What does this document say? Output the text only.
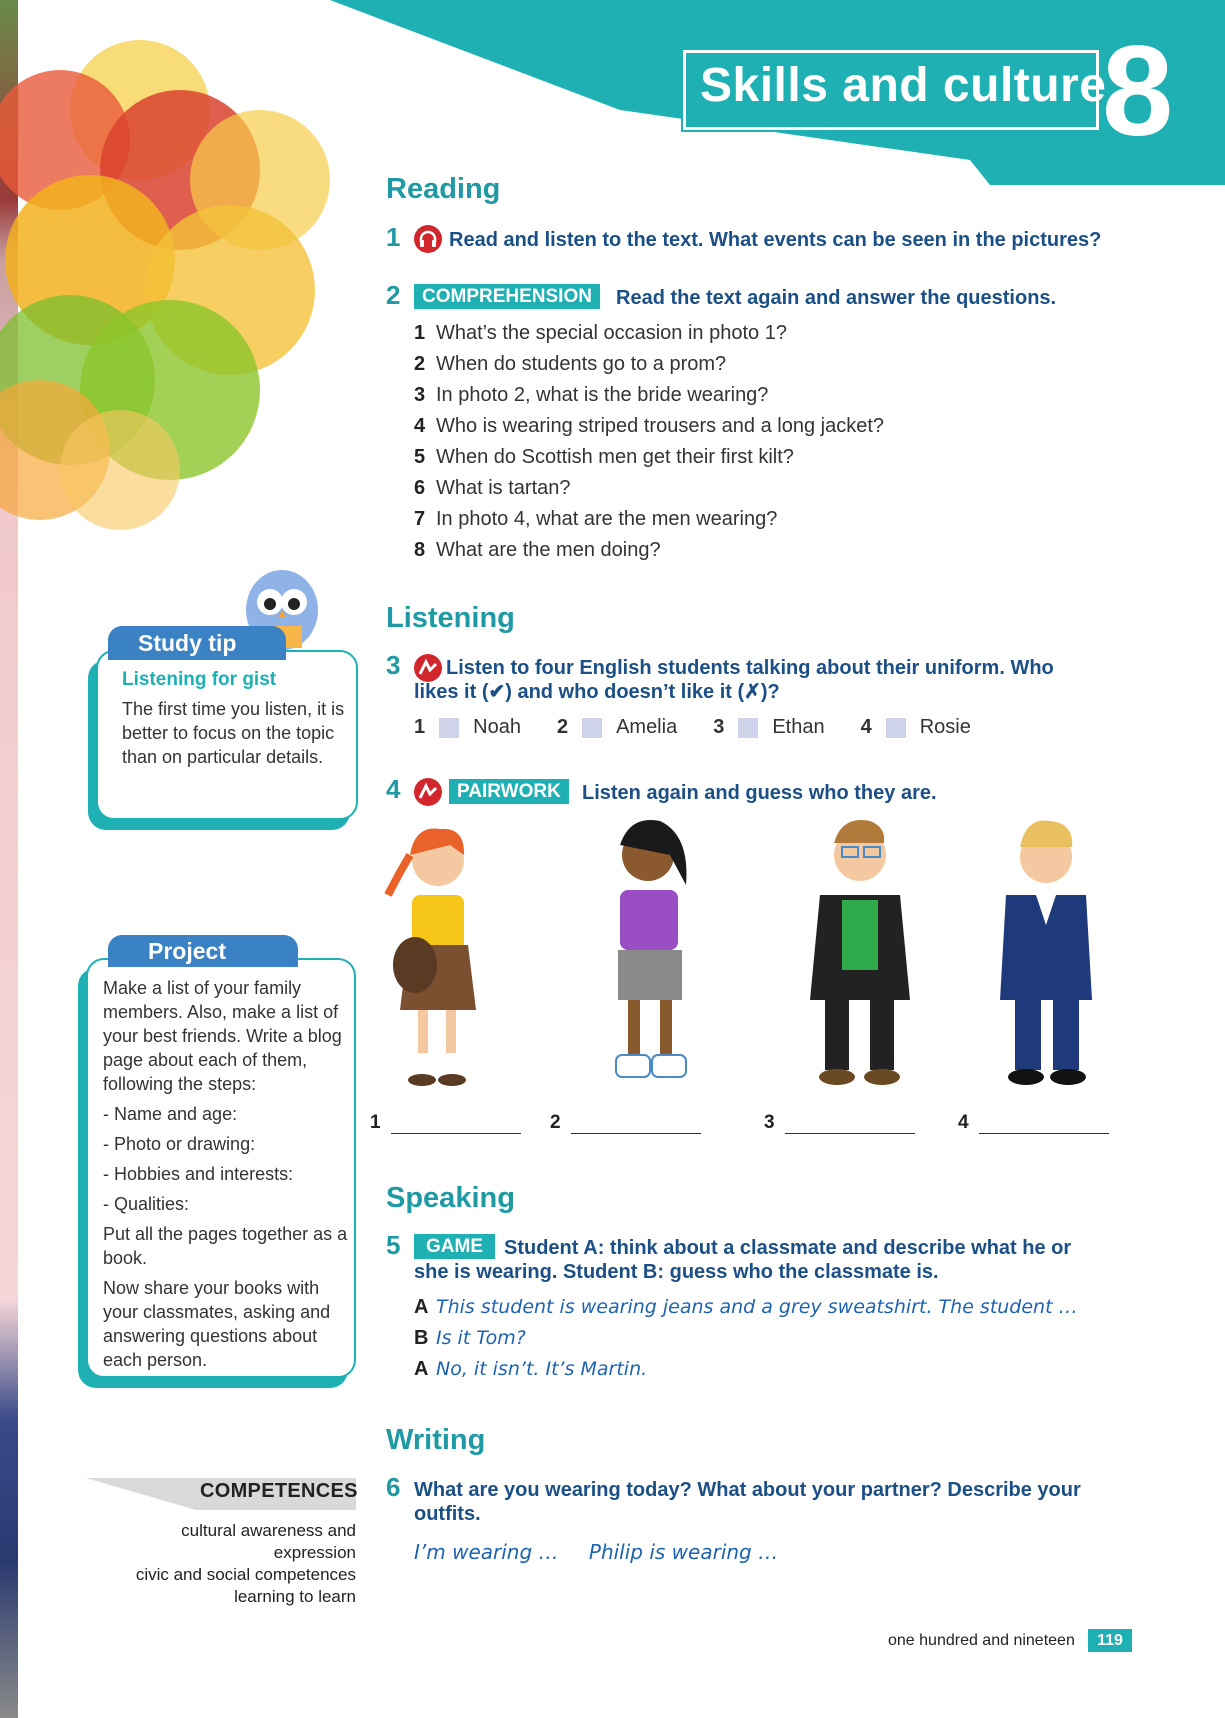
Skills and culture
8
Reading
1 Read and listen to the text. What events can be seen in the pictures?
2	COMPREHENSION	Read the text again and answer the questions.
1 What’s the special occasion in photo 1?
2 When do students go to a prom?
3 In photo 2, what is the bride wearing?
4 Who is wearing striped trousers and a long jacket?
5 When do Scottish men get their first kilt?
6 What is tartan?
7 In photo 4, what are the men wearing?
8 What are the men doing?
Study tip
Listening for gist
The first time you listen, it is better to focus on the topic than on particular details.
Listening
3	Listen to four English students talking about their uniform. Who likes it (✔) and who doesn’t like it (✗)?
1 Noah 2 Amelia 3 Ethan 4 Rosie
4	PAIRWORK	Listen again and guess who they are.
1	2	3	4
Project

Make a list of your family members. Also, make a list of your best friends. Write a blog page about each of them, following the steps:

- Name and age:

- Photo or drawing:

- Hobbies and interests:

- Qualities:

Put all the pages together as a book.

Now share your books with your classmates, asking and answering questions about each person.

Speaking
5	GAME	Student A: think about a classmate and describe what he or she is wearing. Student B: guess who the classmate is.
A This student is wearing jeans and a grey sweatshirt. The student …
B Is it Tom?
A No, it isn’t. It’s Martin.
COMPETENCES
cultural awareness and expression
civic and social competences
learning to learn
Writing
6 What are you wearing today? What about your partner? Describe your outfits.
I’m wearing … Philip is wearing …
one hundred and nineteen	119
